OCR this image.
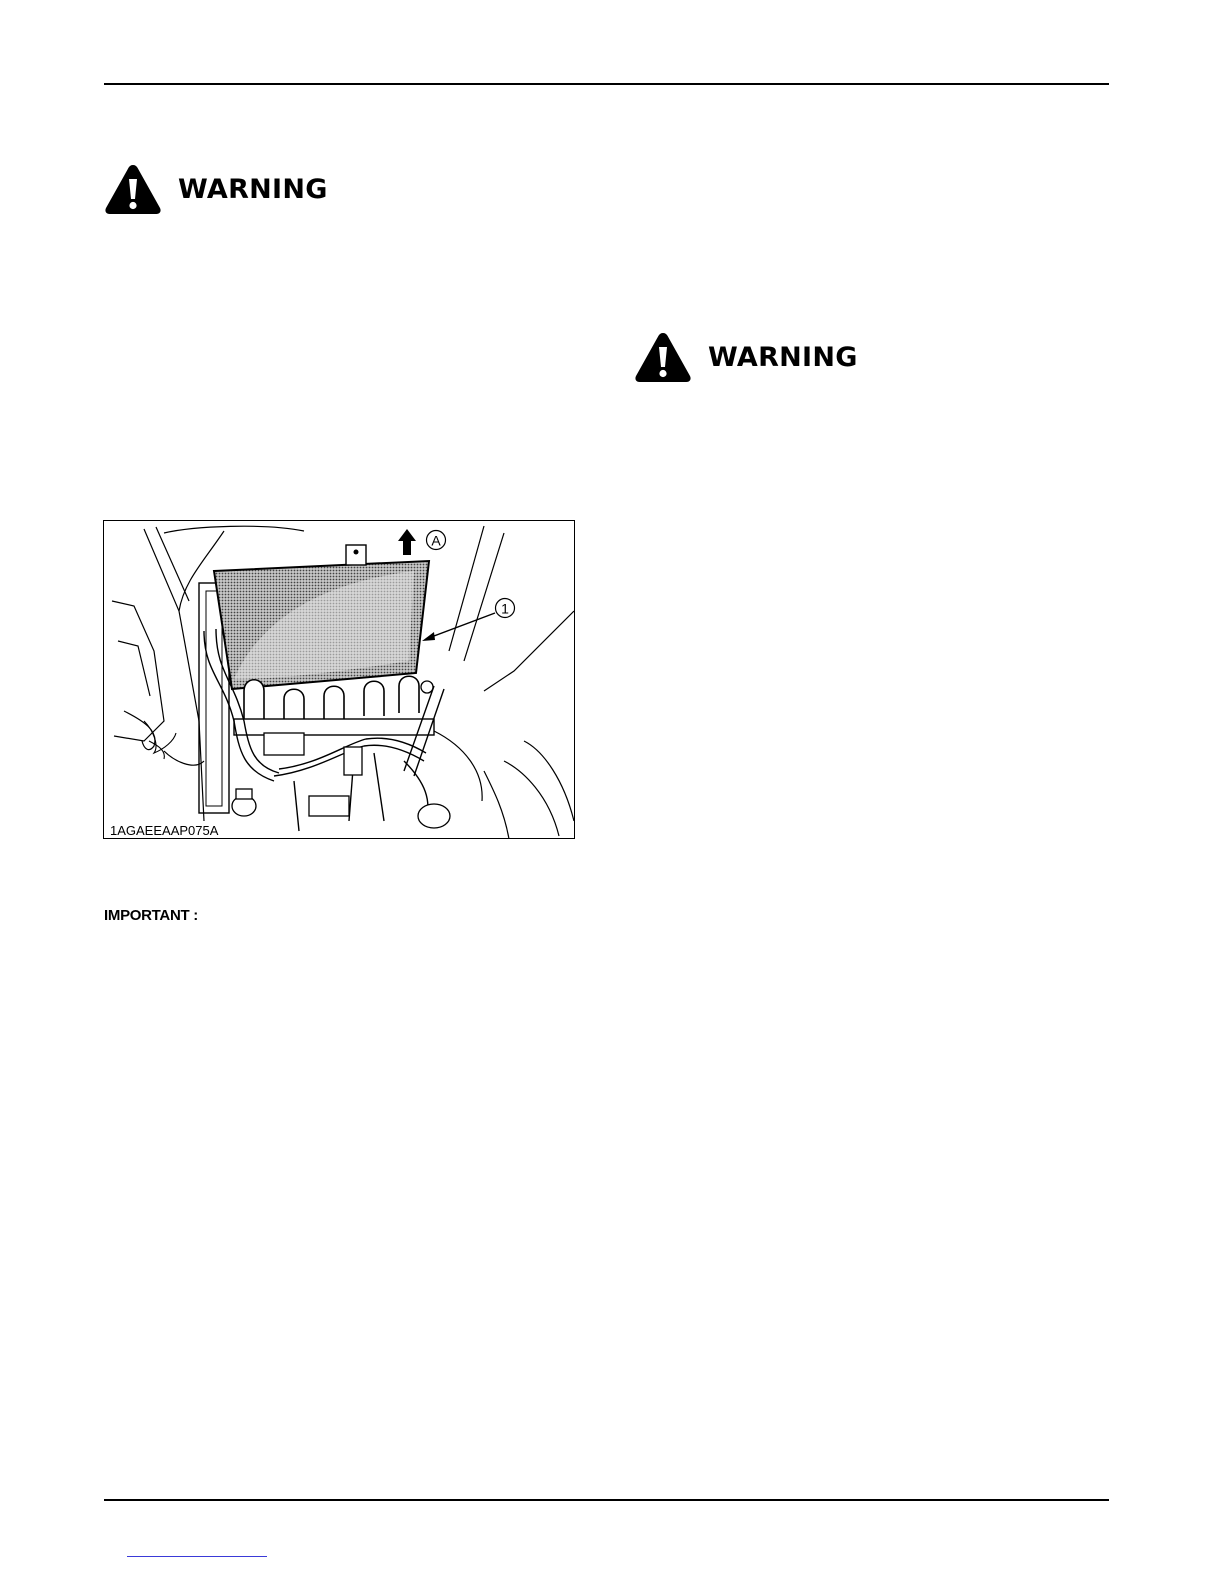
WARNING
WARNING
A
1
1AGAEEAAP075A
IMPORTANT :
